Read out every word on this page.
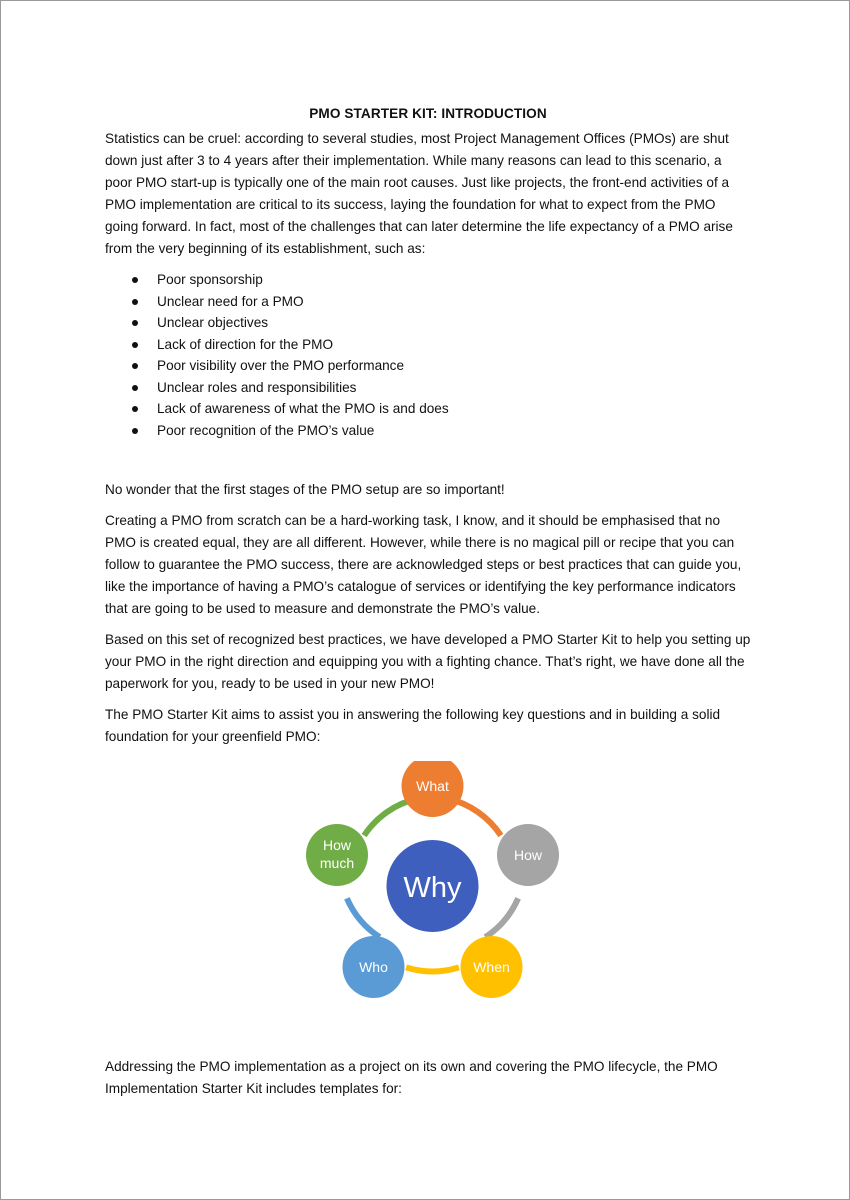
PMO STARTER KIT: INTRODUCTION

Statistics can be cruel: according to several studies, most Project Management Offices (PMOs) are shut down just after 3 to 4 years after their implementation. While many reasons can lead to this scenario, a poor PMO start-up is typically one of the main root causes. Just like projects, the front-end activities of a PMO implementation are critical to its success, laying the foundation for what to expect from the PMO going forward. In fact, most of the challenges that can later determine the life expectancy of a PMO arise from the very beginning of its establishment, such as:

Poor sponsorship
Unclear need for a PMO
Unclear objectives
Lack of direction for the PMO
Poor visibility over the PMO performance
Unclear roles and responsibilities
Lack of awareness of what the PMO is and does
Poor recognition of the PMO’s value

No wonder that the first stages of the PMO setup are so important!

Creating a PMO from scratch can be a hard-working task, I know, and it should be emphasised that no PMO is created equal, they are all different. However, while there is no magical pill or recipe that you can follow to guarantee the PMO success, there are acknowledged steps or best practices that can guide you, like the importance of having a PMO’s catalogue of services or identifying the key performance indicators that are going to be used to measure and demonstrate the PMO’s value.

Based on this set of recognized best practices, we have developed a PMO Starter Kit to help you setting up your PMO in the right direction and equipping you with a fighting chance. That’s right, we have done all the paperwork for you, ready to be used in your new PMO!

The PMO Starter Kit aims to assist you in answering the following key questions and in building a solid foundation for your greenfield PMO:

Why
What
How
When
Who
How
much

Addressing the PMO implementation as a project on its own and covering the PMO lifecycle, the PMO Implementation Starter Kit includes templates for:
